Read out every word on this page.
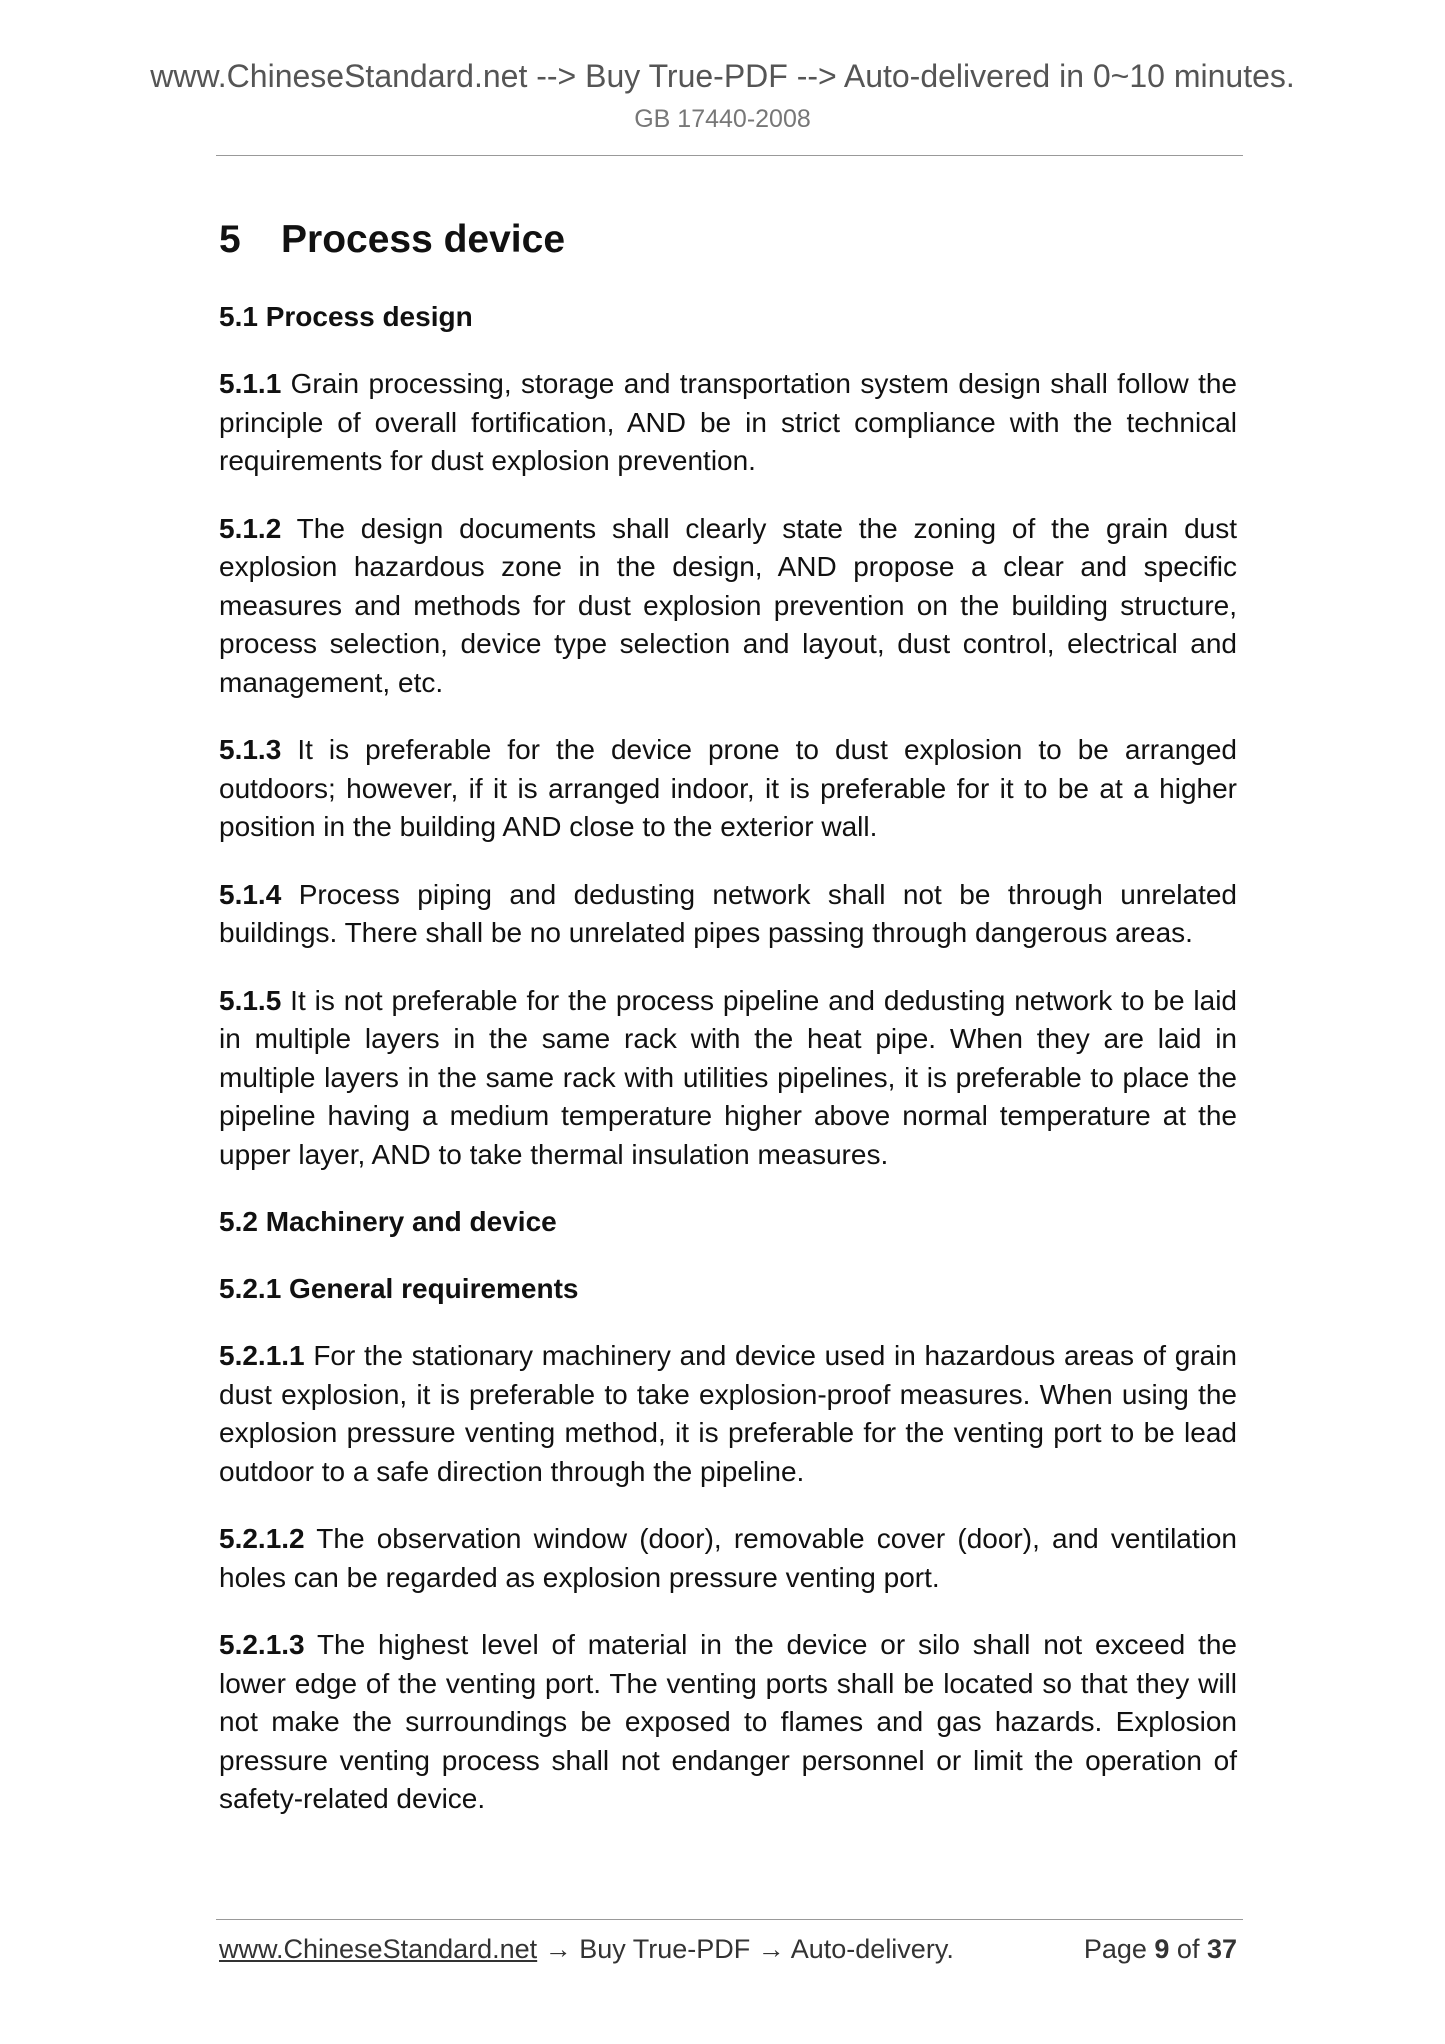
www.ChineseStandard.net --> Buy True-PDF --> Auto-delivered in 0~10 minutes.
GB 17440-2008
5	Process device
5.1 Process design
5.1.1 Grain processing, storage and transportation system design shall follow the principle of overall fortification, AND be in strict compliance with the technical requirements for dust explosion prevention.
5.1.2 The design documents shall clearly state the zoning of the grain dust explosion hazardous zone in the design, AND propose a clear and specific measures and methods for dust explosion prevention on the building structure, process selection, device type selection and layout, dust control, electrical and management, etc.
5.1.3 It is preferable for the device prone to dust explosion to be arranged outdoors; however, if it is arranged indoor, it is preferable for it to be at a higher position in the building AND close to the exterior wall.
5.1.4 Process piping and dedusting network shall not be through unrelated buildings. There shall be no unrelated pipes passing through dangerous areas.
5.1.5 It is not preferable for the process pipeline and dedusting network to be laid in multiple layers in the same rack with the heat pipe. When they are laid in multiple layers in the same rack with utilities pipelines, it is preferable to place the pipeline having a medium temperature higher above normal temperature at the upper layer, AND to take thermal insulation measures.
5.2 Machinery and device
5.2.1 General requirements
5.2.1.1 For the stationary machinery and device used in hazardous areas of grain dust explosion, it is preferable to take explosion-proof measures. When using the explosion pressure venting method, it is preferable for the venting port to be lead outdoor to a safe direction through the pipeline.
5.2.1.2 The observation window (door), removable cover (door), and ventilation holes can be regarded as explosion pressure venting port.
5.2.1.3 The highest level of material in the device or silo shall not exceed the lower edge of the venting port. The venting ports shall be located so that they will not make the surroundings be exposed to flames and gas hazards. Explosion pressure venting process shall not endanger personnel or limit the operation of safety-related device.
www.ChineseStandard.net → Buy True-PDF → Auto-delivery.	Page 9 of 37
